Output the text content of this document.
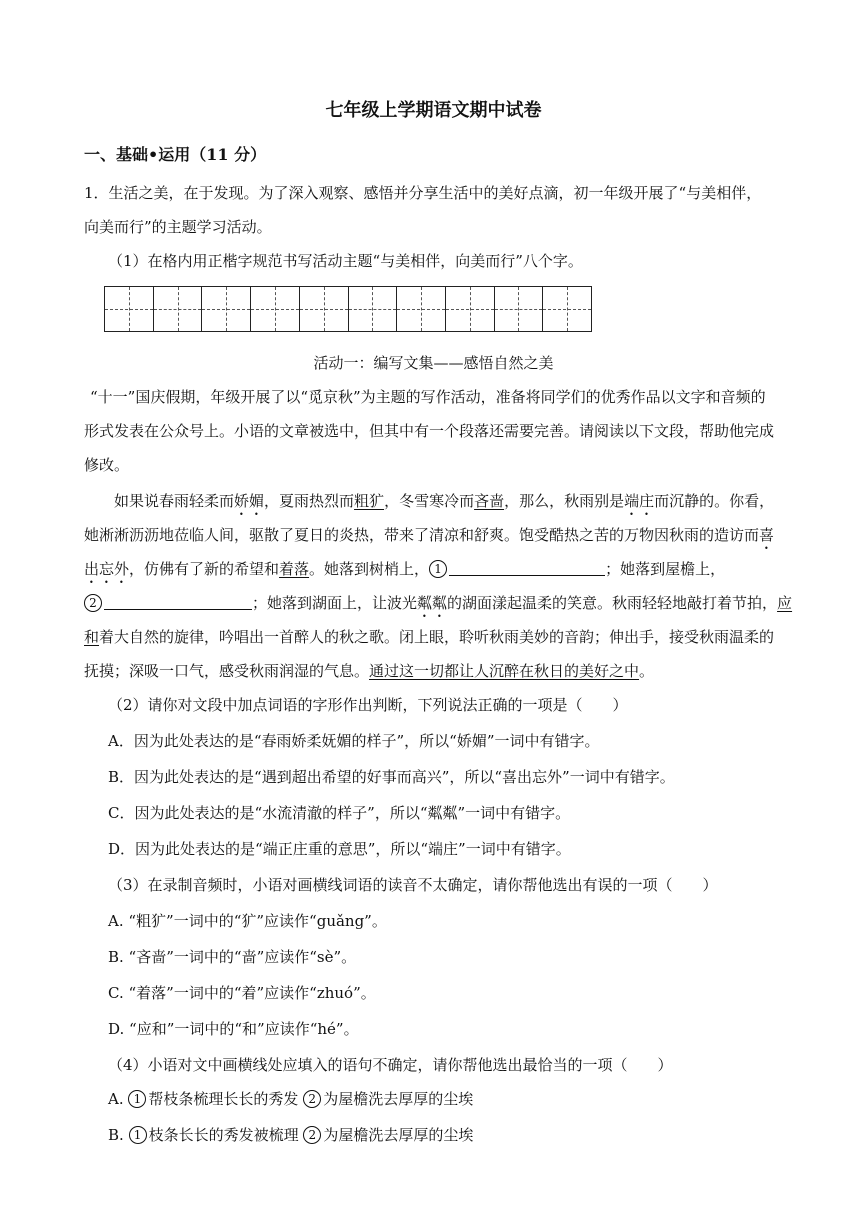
七年级上学期语文期中试卷
一、基础•运用（11 分）
1．生活之美，在于发现。为了深入观察、感悟并分享生活中的美好点滴，初一年级开展了“与美相伴，
向美而行”的主题学习活动。
（1）在格内用正楷字规范书写活动主题“与美相伴，向美而行”八个字。
活动一：编写文集——感悟自然之美
“十一”国庆假期，年级开展了以“觅京秋”为主题的写作活动，准备将同学们的优秀作品以文字和音频的
形式发表在公众号上。小语的文章被选中，但其中有一个段落还需要完善。请阅读以下文段，帮助他完成
修改。
如果说春雨轻柔而娇媚，夏雨热烈而粗犷，冬雪寒冷而吝啬，那么，秋雨别是端庄而沉静的。你看，
她淅淅沥沥地莅临人间，驱散了夏日的炎热，带来了清凉和舒爽。饱受酷热之苦的万物因秋雨的造访而喜
出忘外，仿佛有了新的希望和着落。她落到树梢上， 1	；她落到屋檐上，
2	；她落到湖面上，让波光粼粼的湖面漾起温柔的笑意。秋雨轻轻地敲打着节拍，应
和着大自然的旋律，吟唱出一首醉人的秋之歌。闭上眼，聆听秋雨美妙的音韵；伸出手，接受秋雨温柔的
抚摸；深吸一口气，感受秋雨润湿的气息。通过这一切都让人沉醉在秋日的美好之中。
（2）请你对文段中加点词语的字形作出判断，下列说法正确的一项是（　　）
A．因为此处表达的是“春雨娇柔妩媚的样子”，所以“娇媚”一词中有错字。
B．因为此处表达的是“遇到超出希望的好事而高兴”，所以“喜出忘外”一词中有错字。
C．因为此处表达的是“水流清澈的样子”，所以“粼粼”一词中有错字。
D．因为此处表达的是“端正庄重的意思”，所以“端庄”一词中有错字。
（3）在录制音频时，小语对画横线词语的读音不太确定，请你帮他选出有误的一项（　　）
A. “粗犷”一词中的“犷”应读作“guǎng”。
B. “吝啬”一词中的“啬”应读作“sè”。
C. “着落”一词中的“着”应读作“zhuó”。
D. “应和”一词中的“和”应读作“hé”。
（4）小语对文中画横线处应填入的语句不确定，请你帮他选出最恰当的一项（　　）
A. 1 帮枝条梳理长长的秀发 2 为屋檐洗去厚厚的尘埃
B. 1 枝条长长的秀发被梳理 2 为屋檐洗去厚厚的尘埃
